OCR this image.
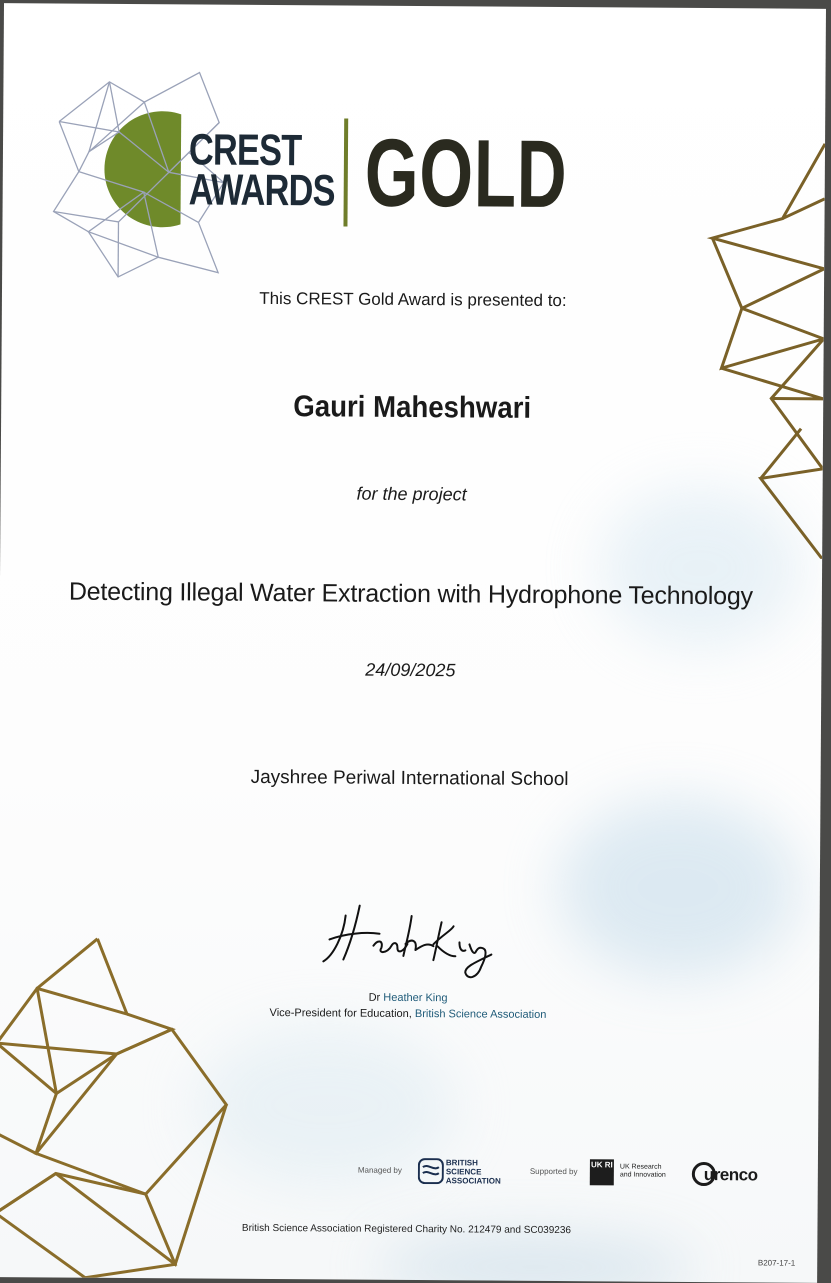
CREST
AWARDS GOLD
This CREST Gold Award is presented to:
Gauri Maheshwari
for the project
Detecting Illegal Water Extraction with Hydrophone Technology
24/09/2025
Jayshree Periwal International School
Dr Heather King
Vice-President for Education, British Science Association
Managed by
BRITISH
SCIENCE
ASSOCIATION
Supported by
UK RI UK Research
and Innovation urenco
British Science Association Registered Charity No. 212479 and SC039236
B207-17-1
